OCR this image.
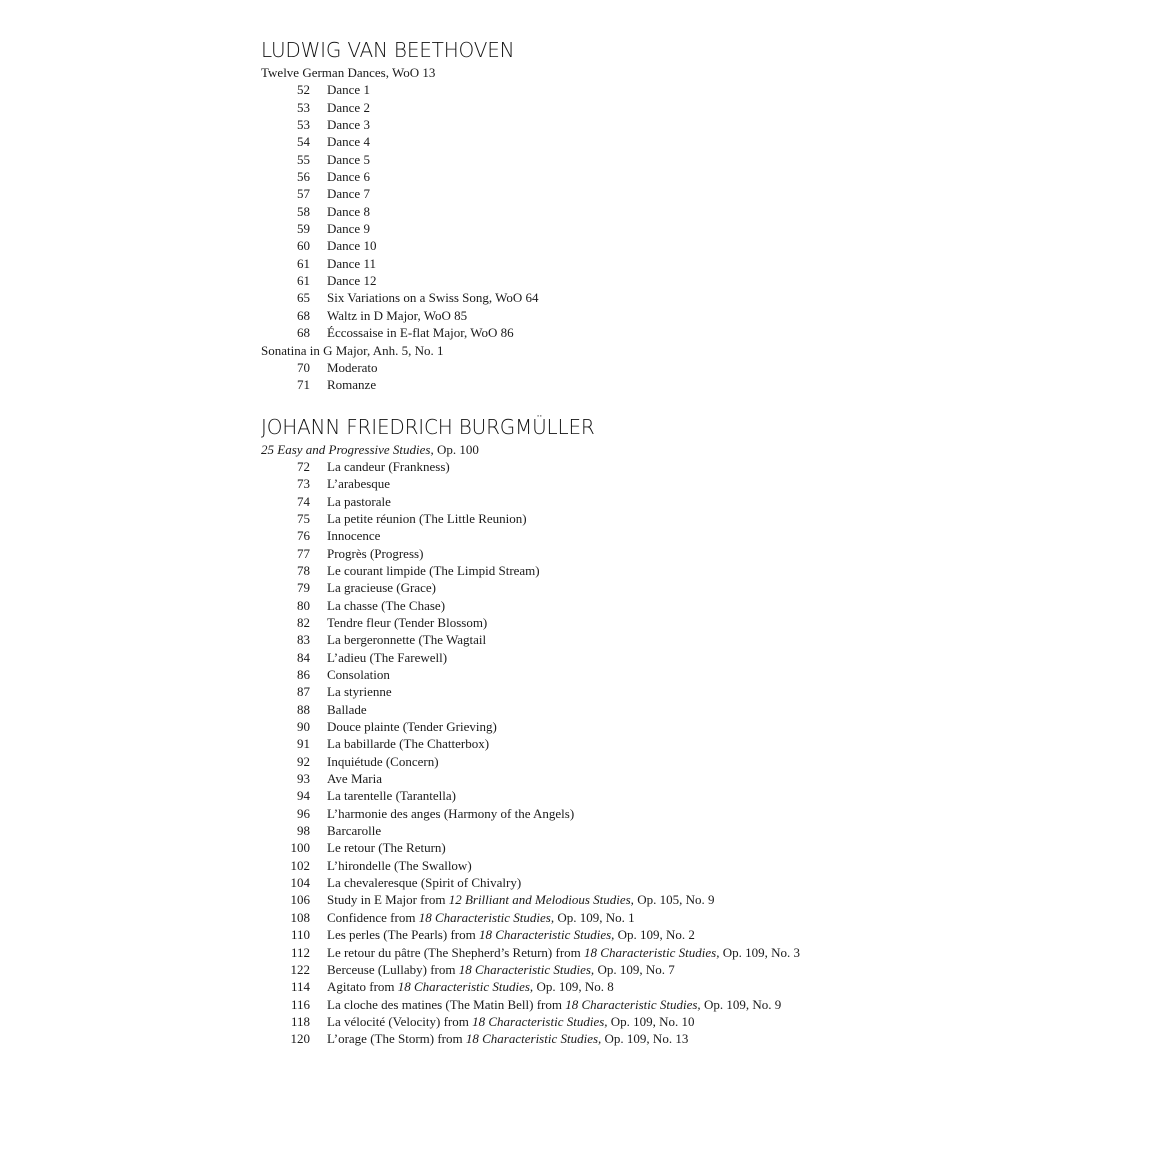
LUDWIG VAN BEETHOVEN
Twelve German Dances, WoO 13
52	Dance 1
53	Dance 2
53	Dance 3
54	Dance 4
55	Dance 5
56	Dance 6
57	Dance 7
58	Dance 8
59	Dance 9
60	Dance 10
61	Dance 11
61	Dance 12
65	Six Variations on a Swiss Song, WoO 64
68	Waltz in D Major, WoO 85
68	Éccossaise in E-flat Major, WoO 86
Sonatina in G Major, Anh. 5, No. 1
70	Moderato
71	Romanze
JOHANN FRIEDRICH BURGMÜLLER
25 Easy and Progressive Studies, Op. 100
72	La candeur (Frankness)
73	L’arabesque
74	La pastorale
75	La petite réunion (The Little Reunion)
76	Innocence
77	Progrès (Progress)
78	Le courant limpide (The Limpid Stream)
79	La gracieuse (Grace)
80	La chasse (The Chase)
82	Tendre fleur (Tender Blossom)
83	La bergeronnette (The Wagtail
84	L’adieu (The Farewell)
86	Consolation
87	La styrienne
88	Ballade
90	Douce plainte (Tender Grieving)
91	La babillarde (The Chatterbox)
92	Inquiétude (Concern)
93	Ave Maria
94	La tarentelle (Tarantella)
96	L’harmonie des anges (Harmony of the Angels)
98	Barcarolle
100	Le retour (The Return)
102	L’hirondelle (The Swallow)
104	La chevaleresque (Spirit of Chivalry)
106	Study in E Major from 12 Brilliant and Melodious Studies, Op. 105, No. 9
108	Confidence from 18 Characteristic Studies, Op. 109, No. 1
110	Les perles (The Pearls) from 18 Characteristic Studies, Op. 109, No. 2
112	Le retour du pâtre (The Shepherd’s Return) from 18 Characteristic Studies, Op. 109, No. 3
122	Berceuse (Lullaby) from 18 Characteristic Studies, Op. 109, No. 7
114	Agitato from 18 Characteristic Studies, Op. 109, No. 8
116	La cloche des matines (The Matin Bell) from 18 Characteristic Studies, Op. 109, No. 9
118	La vélocité (Velocity) from 18 Characteristic Studies, Op. 109, No. 10
120	L’orage (The Storm) from 18 Characteristic Studies, Op. 109, No. 13
